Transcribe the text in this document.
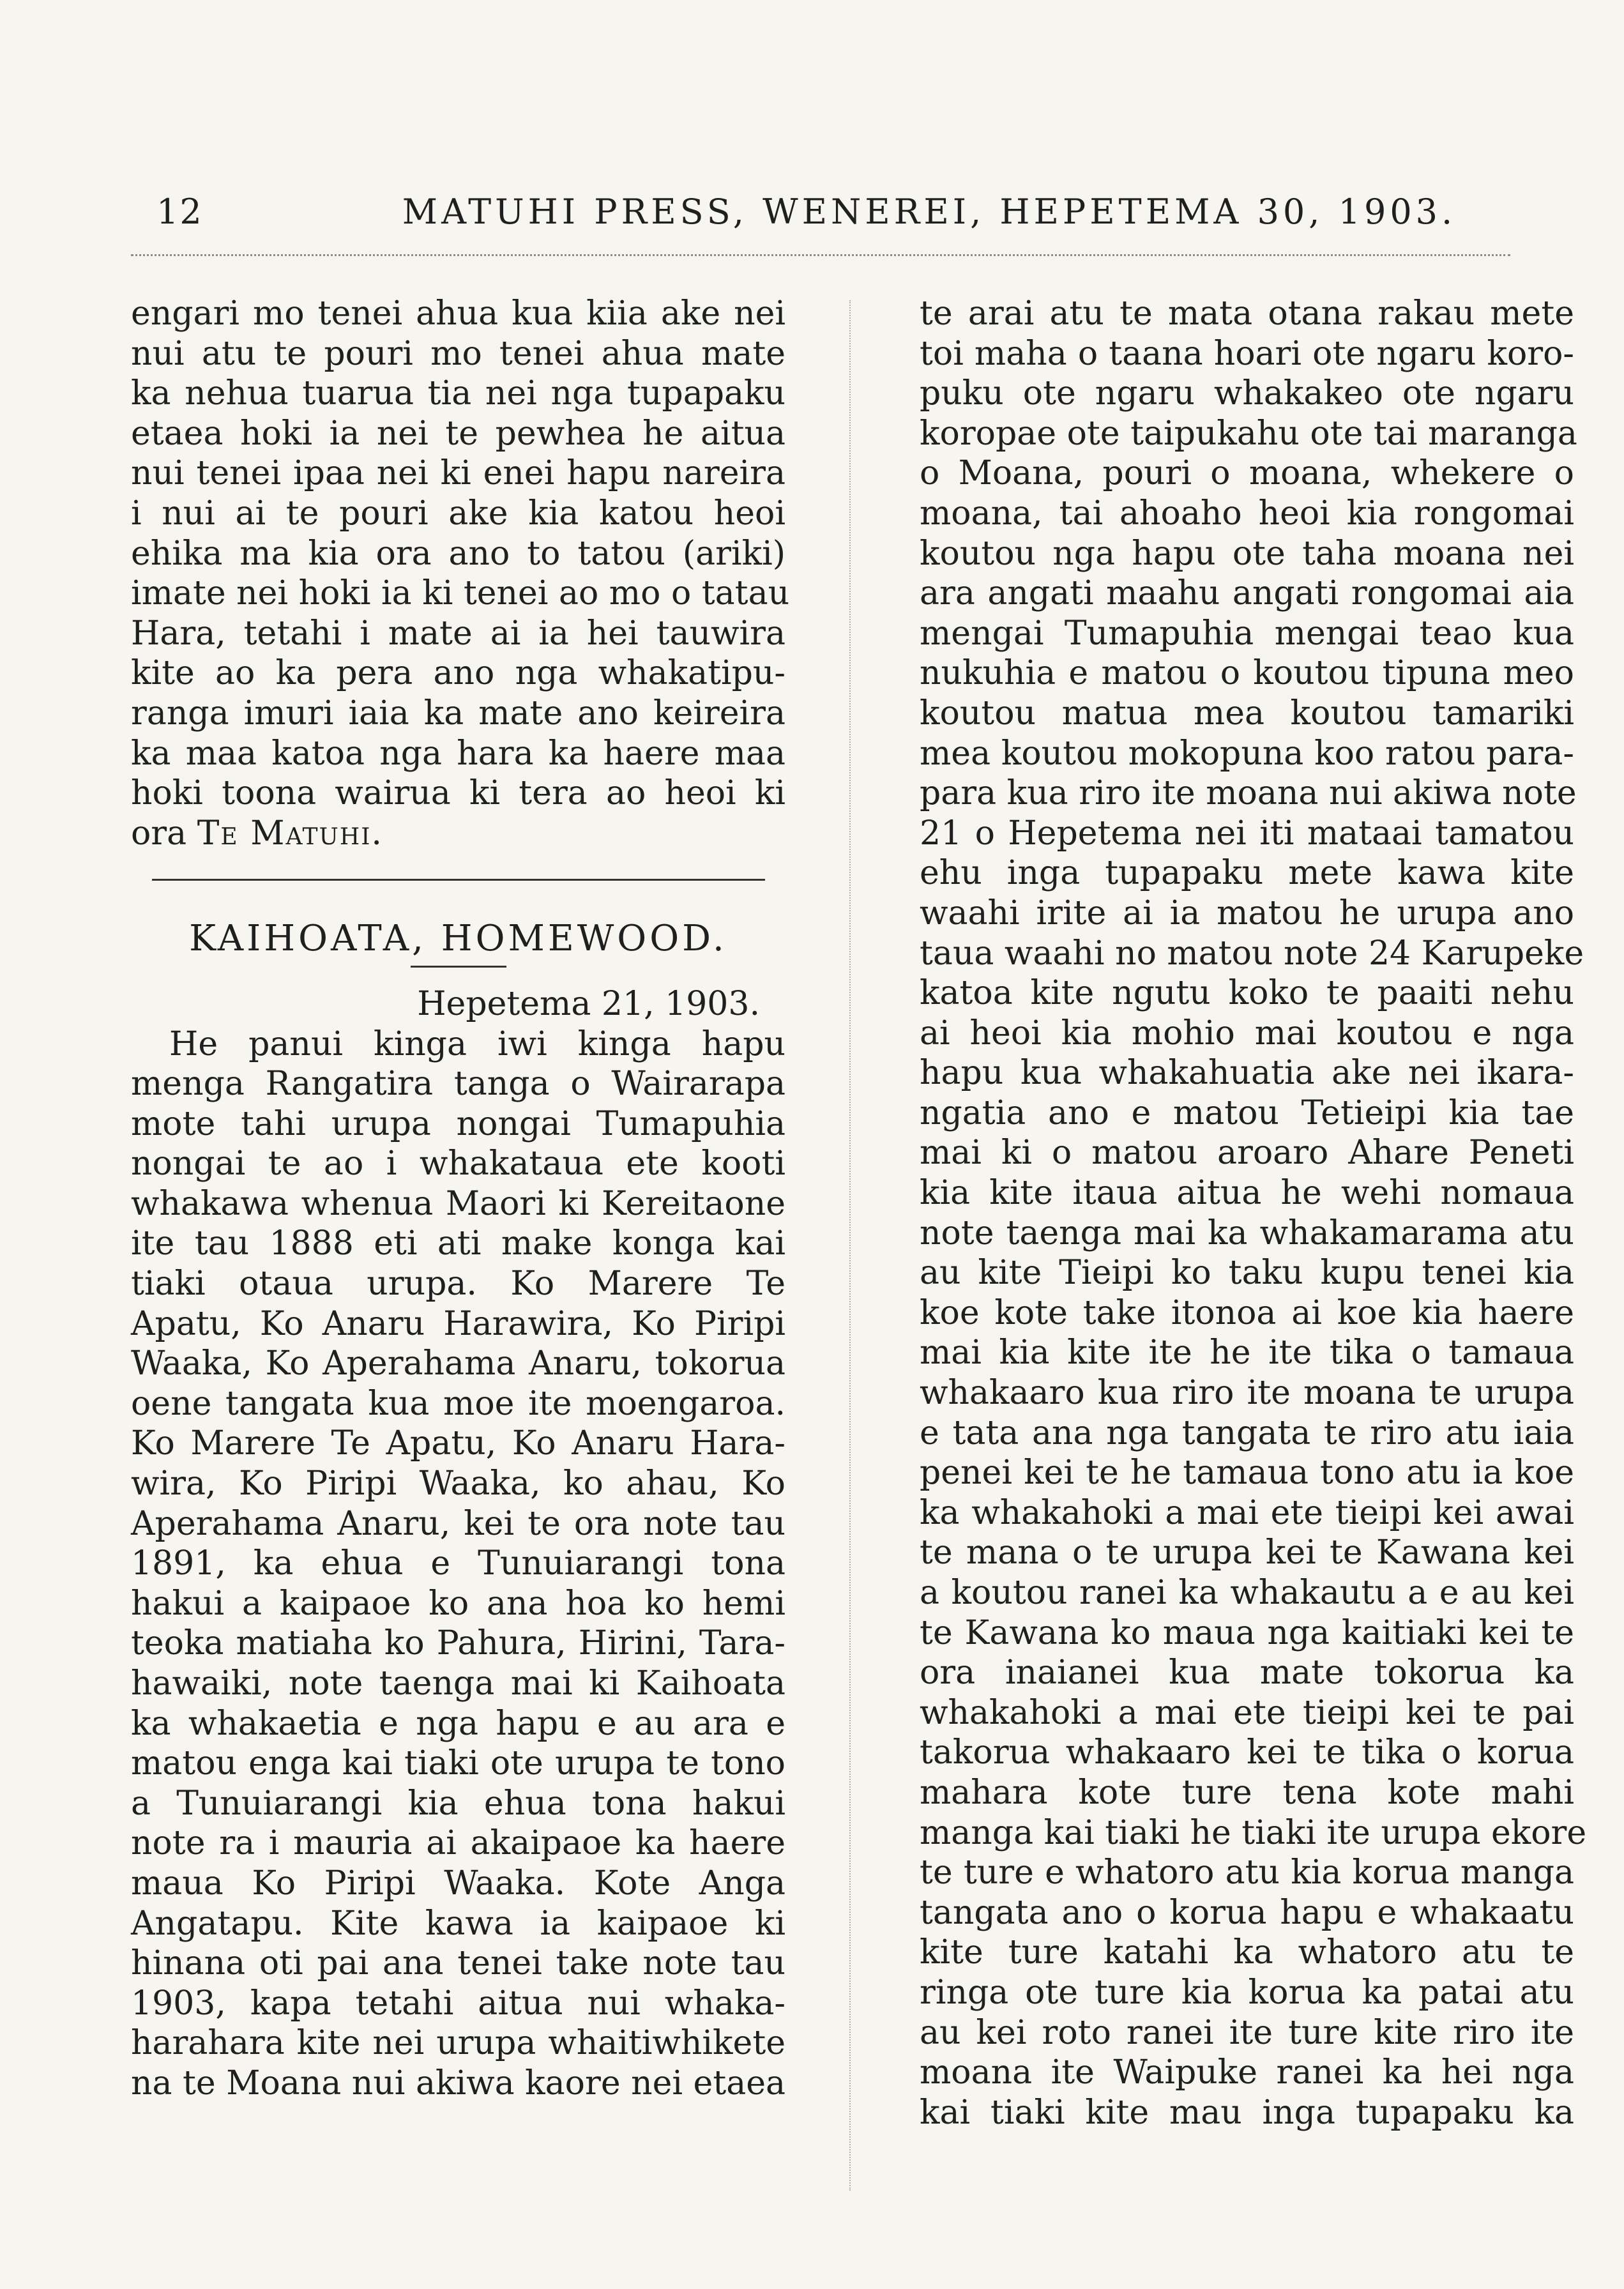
12	MATUHI PRESS, WENEREI, HEPETEMA 30, 1903.
engari mo tenei ahua kua kiia ake nei
nui atu te pouri mo tenei ahua mate
ka nehua tuarua tia nei nga tupapaku
etaea hoki ia nei te pewhea he aitua
nui tenei ipaa nei ki enei hapu nareira
i nui ai te pouri ake kia katou heoi
ehika ma kia ora ano to tatou (ariki)
imate nei hoki ia ki tenei ao mo o tatau
Hara, tetahi i mate ai ia hei tauwira
kite ao ka pera ano nga whakatipu-
ranga imuri iaia ka mate ano keireira
ka maa katoa nga hara ka haere maa
hoki toona wairua ki tera ao heoi ki
ora Te Matuhi.
KAIHOATA, HOMEWOOD.
Hepetema 21, 1903.
He panui kinga iwi kinga hapu
menga Rangatira tanga o Wairarapa
mote tahi urupa nongai Tumapuhia
nongai te ao i whakataua ete kooti
whakawa whenua Maori ki Kereitaone
ite tau 1888 eti ati make konga kai
tiaki otaua urupa. Ko Marere Te
Apatu, Ko Anaru Harawira, Ko Piripi
Waaka, Ko Aperahama Anaru, tokorua
oene tangata kua moe ite moengaroa.
Ko Marere Te Apatu, Ko Anaru Hara-
wira, Ko Piripi Waaka, ko ahau, Ko
Aperahama Anaru, kei te ora note tau
1891, ka ehua e Tunuiarangi tona
hakui a kaipaoe ko ana hoa ko hemi
teoka matiaha ko Pahura, Hirini, Tara-
hawaiki, note taenga mai ki Kaihoata
ka whakaetia e nga hapu e au ara e
matou enga kai tiaki ote urupa te tono
a Tunuiarangi kia ehua tona hakui
note ra i mauria ai akaipaoe ka haere
maua Ko Piripi Waaka. Kote Anga
Angatapu. Kite kawa ia kaipaoe ki
hinana oti pai ana tenei take note tau
1903, kapa tetahi aitua nui whaka-
harahara kite nei urupa whaitiwhikete
na te Moana nui akiwa kaore nei etaea
te arai atu te mata otana rakau mete
toi maha o taana hoari ote ngaru koro-
puku ote ngaru whakakeo ote ngaru
koropae ote taipukahu ote tai maranga
o Moana, pouri o moana, whekere o
moana, tai ahoaho heoi kia rongomai
koutou nga hapu ote taha moana nei
ara angati maahu angati rongomai aia
mengai Tumapuhia mengai teao kua
nukuhia e matou o koutou tipuna meo
koutou matua mea koutou tamariki
mea koutou mokopuna koo ratou para-
para kua riro ite moana nui akiwa note
21 o Hepetema nei iti mataai tamatou
ehu inga tupapaku mete kawa kite
waahi irite ai ia matou he urupa ano
taua waahi no matou note 24 Karupeke
katoa kite ngutu koko te paaiti nehu
ai heoi kia mohio mai koutou e nga
hapu kua whakahuatia ake nei ikara-
ngatia ano e matou Tetieipi kia tae
mai ki o matou aroaro Ahare Peneti
kia kite itaua aitua he wehi nomaua
note taenga mai ka whakamarama atu
au kite Tieipi ko taku kupu tenei kia
koe kote take itonoa ai koe kia haere
mai kia kite ite he ite tika o tamaua
whakaaro kua riro ite moana te urupa
e tata ana nga tangata te riro atu iaia
penei kei te he tamaua tono atu ia koe
ka whakahoki a mai ete tieipi kei awai
te mana o te urupa kei te Kawana kei
a koutou ranei ka whakautu a e au kei
te Kawana ko maua nga kaitiaki kei te
ora inaianei kua mate tokorua ka
whakahoki a mai ete tieipi kei te pai
takorua whakaaro kei te tika o korua
mahara kote ture tena kote mahi
manga kai tiaki he tiaki ite urupa ekore
te ture e whatoro atu kia korua manga
tangata ano o korua hapu e whakaatu
kite ture katahi ka whatoro atu te
ringa ote ture kia korua ka patai atu
au kei roto ranei ite ture kite riro ite
moana ite Waipuke ranei ka hei nga
kai tiaki kite mau inga tupapaku ka
